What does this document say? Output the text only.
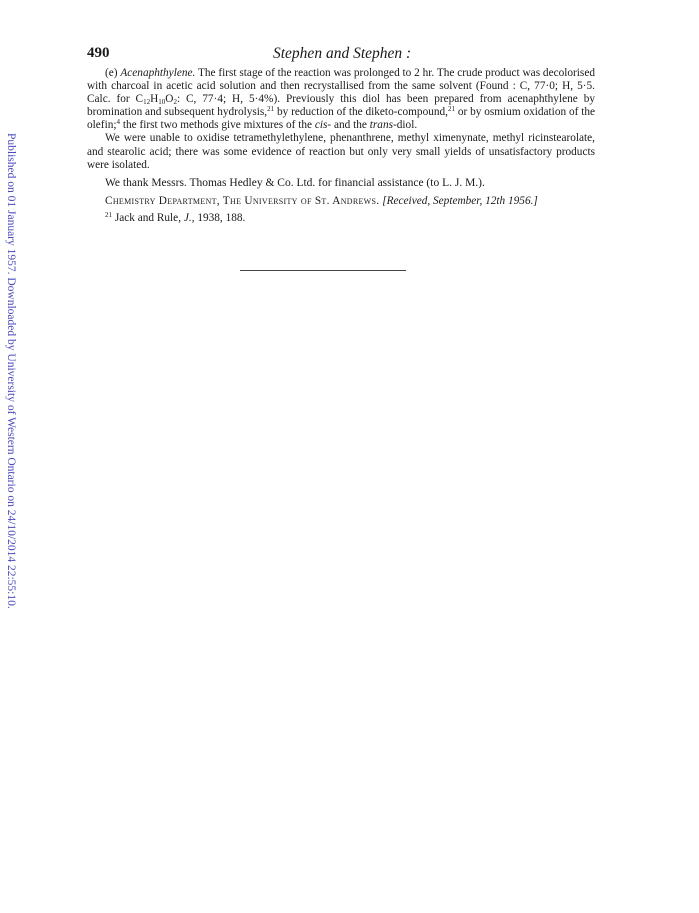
Published on 01 January 1957. Downloaded by University of Western Ontario on 24/10/2014 22:55:10.
490	Stephen and Stephen :

(e) Acenaphthylene. The first stage of the reaction was prolonged to 2 hr. The crude product was decolorised with charcoal in acetic acid solution and then recrystallised from the same solvent (Found : C, 77·0; H, 5·5. Calc. for $C_{12}H_{10}O_2$: C, 77·4; H, 5·4%). Previously this diol has been prepared from acenaphthylene by bromination and subsequent hydrolysis,$^{21}$ by reduction of the diketo-compound,$^{21}$ or by osmium oxidation of the olefin;$^4$ the first two methods give mixtures of the cis- and the trans-diol.

We were unable to oxidise tetramethylethylene, phenanthrene, methyl ximenynate, methyl ricinstearolate, and stearolic acid; there was some evidence of reaction but only very small yields of unsatisfactory products were isolated.

We thank Messrs. Thomas Hedley & Co. Ltd. for financial assistance (to L. J. M.).

Chemistry Department, The University of St. Andrews. [Received, September, 12th 1956.]

$^{21}$ Jack and Rule, J., 1938, 188.
